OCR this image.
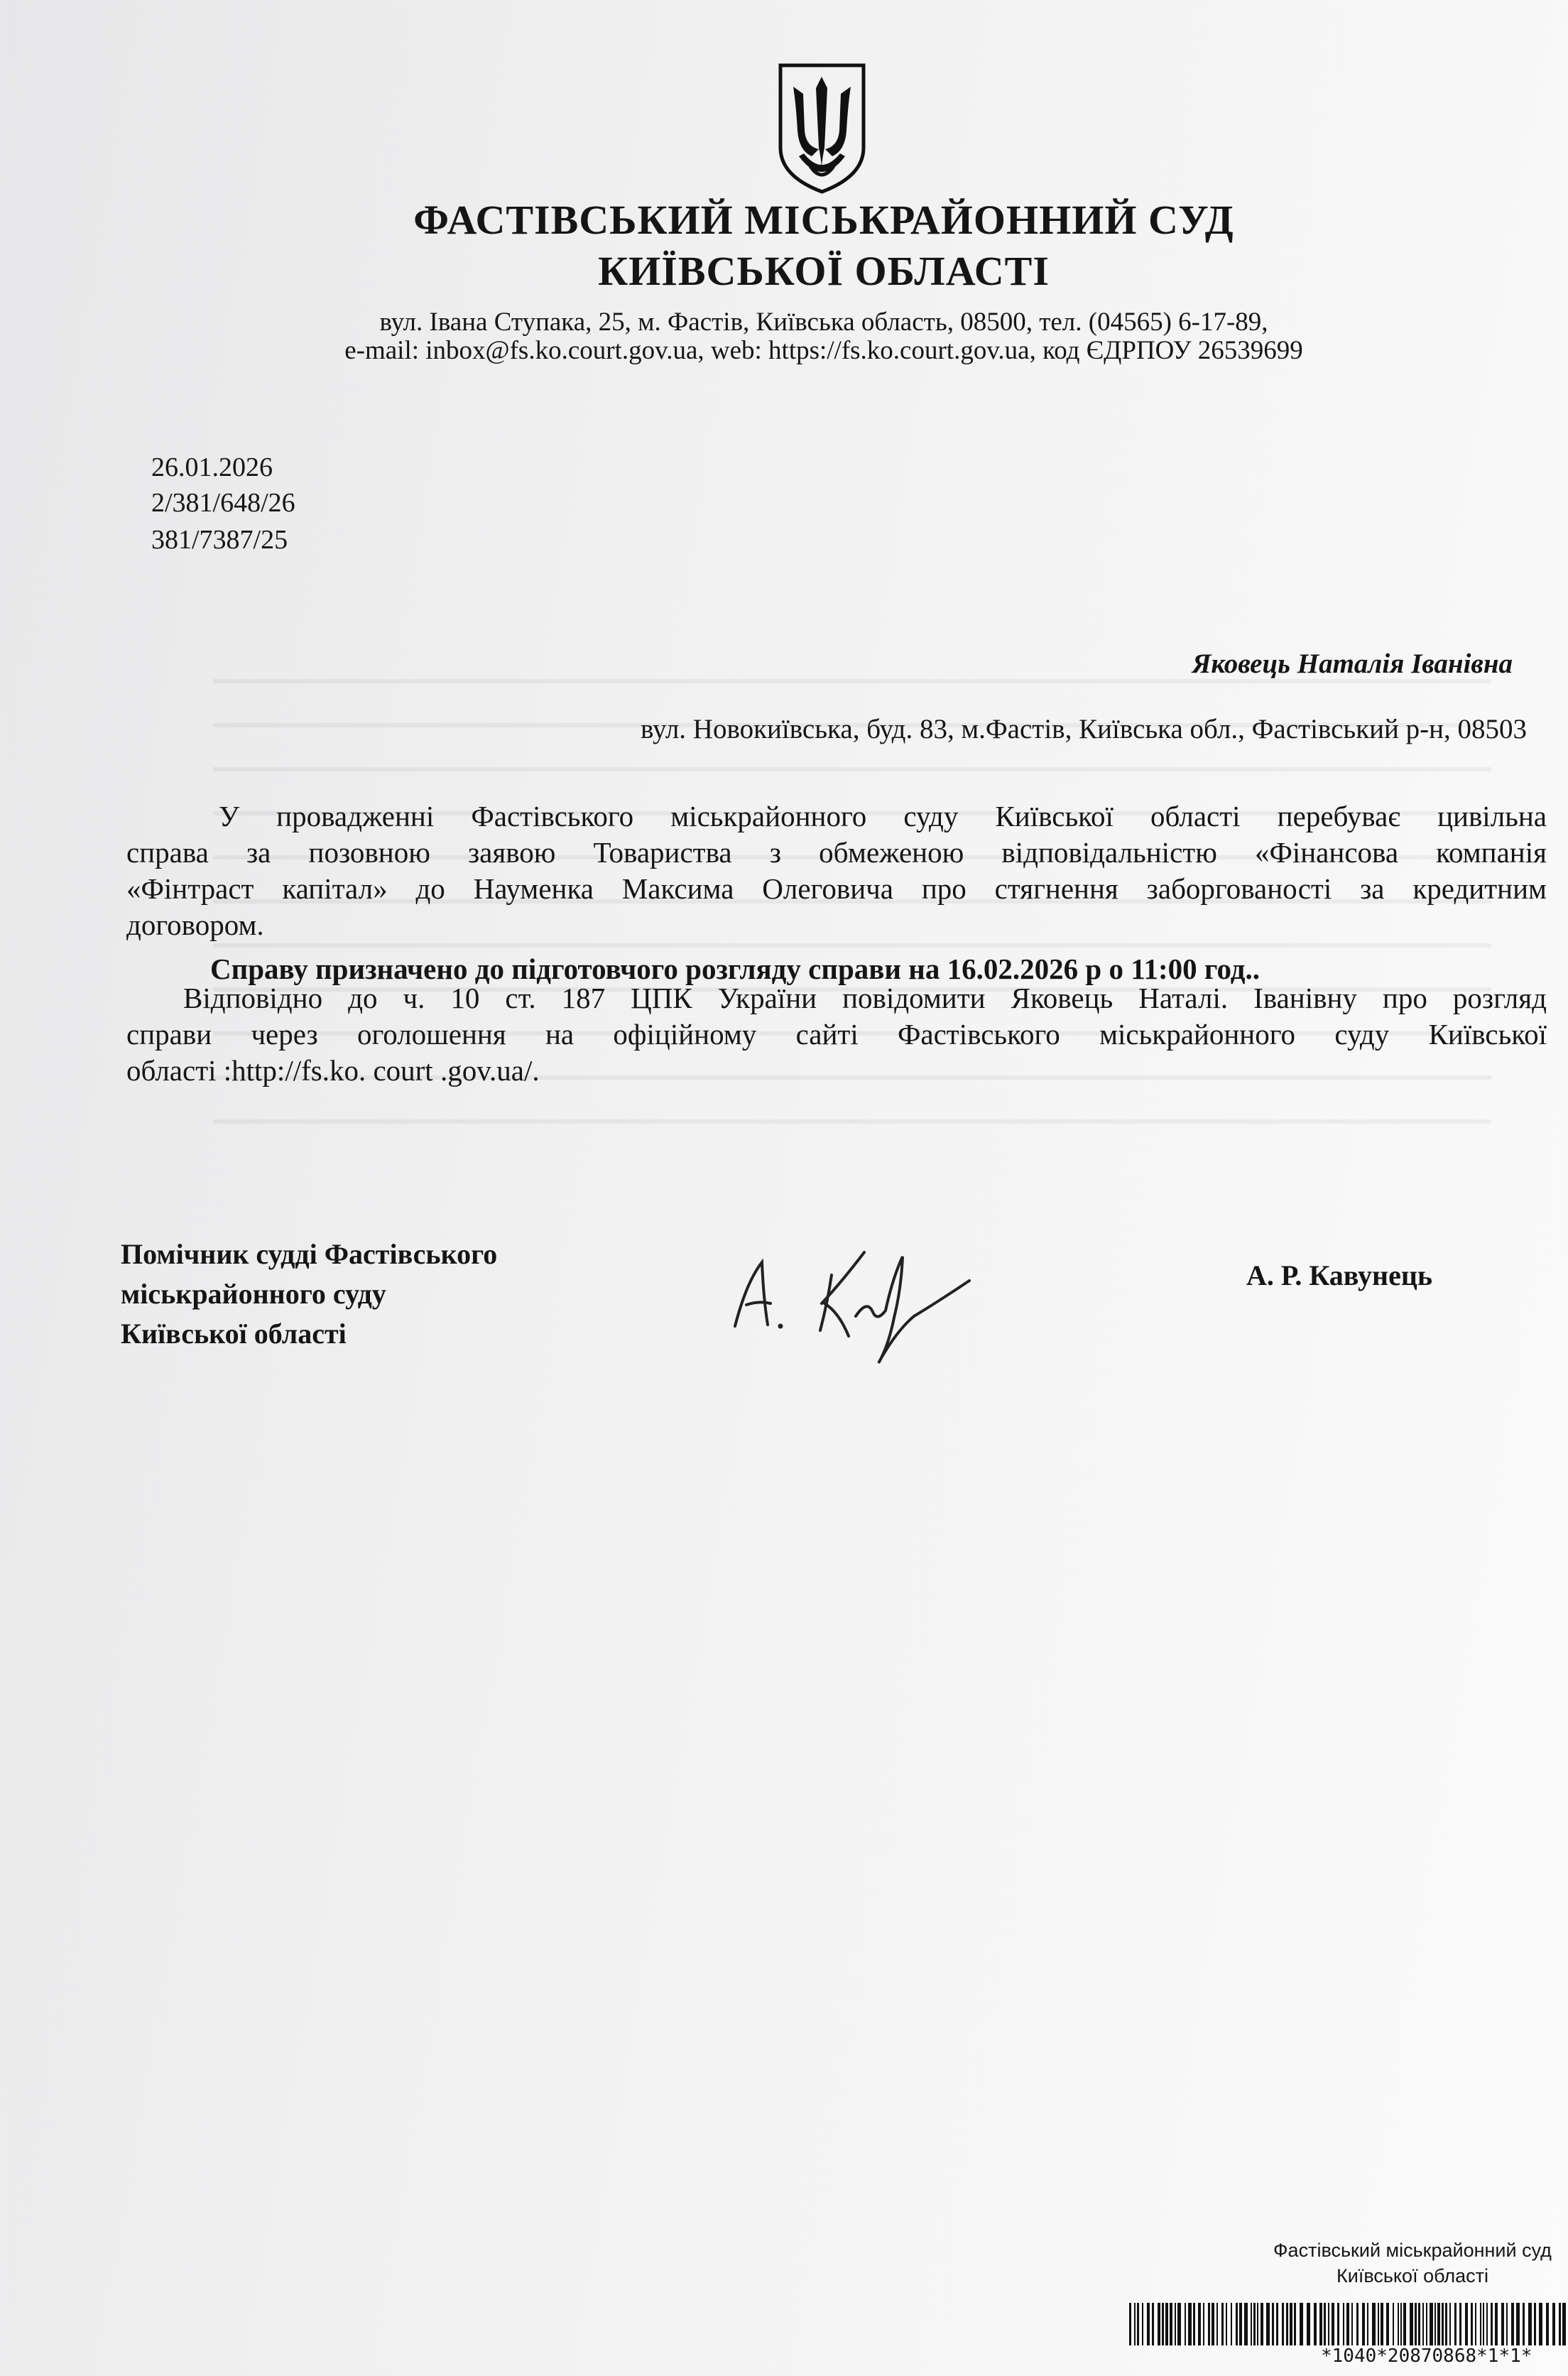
ФАСТІВСЬКИЙ МІСЬКРАЙОННИЙ СУД
КИЇВСЬКОЇ ОБЛАСТІ
вул. Івана Ступака, 25, м. Фастів, Київська область, 08500, тел. (04565) 6-17-89,
e-mail: inbox@fs.ko.court.gov.ua, web: https://fs.ko.court.gov.ua, код ЄДРПОУ 26539699
26.01.2026
2/381/648/26
381/7387/25
Яковець Наталія Іванівна
вул. Новокиївська, буд. 83, м.Фастів, Київська обл., Фастівський р-н, 08503
У провадженні Фастівського міськрайонного суду Київської області перебуває цивільна
справа за позовною заявою Товариства з обмеженою відповідальністю «Фінансова компанія
«Фінтраст капітал» до Науменка Максима Олеговича про стягнення заборгованості за кредитним
договором.
Справу призначено до підготовчого розгляду справи на 16.02.2026 р о 11:00 год..
Відповідно до ч. 10 ст. 187 ЦПК України повідомити Яковець Наталі. Іванівну про розгляд
справи через оголошення на офіційному сайті Фастівського міськрайонного суду Київської
області :http://fs.ko. court .gov.ua/.
Помічник судді Фастівського
міськрайонного суду
Київської області
А. Р. Кавунець
Фастівський міськрайонний суд
Київської області
*1040*20870868*1*1*
